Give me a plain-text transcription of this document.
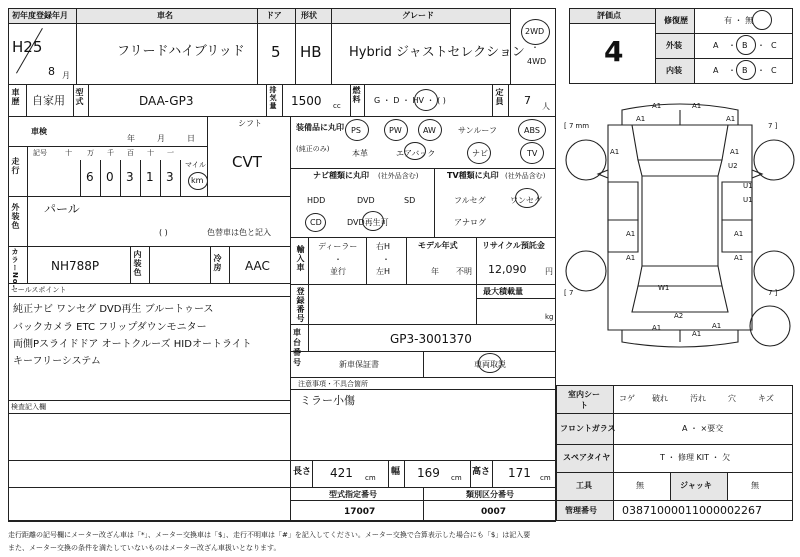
初年度登録年月	車名	ドア 形状	グレード
H25
8 月
フリードハイブリッド 5 HB Hybrid ジャストセレクション
2WD
・
4WD
車歴 自家用 型式	DAA-GP3	排気量 1500 cc
燃料 G ・ D ・ HV ・ ( )	定員 7 人
車検
年	月	日
走行
記号	十 万 千 百 十 一
6 0 3 1 3
マイル
km
シフト
CVT
外装色 パール
( )	色替車は色と記入
カラーNo.	NH788P	内装色	冷房 AAC
セールスポイント
純正ナビ ワンセグ DVD再生 ブルートゥース
バックカメラ ETC フリップダウンモニター
両側Pスライドドア オートクルーズ HIDオートライト
キーフリーシステム
検査記入欄
装備品に丸印
(純正のみ)
PS	PW	AW	サンルーフ	ABS
本革	エアバック	ナビ	TV
ナビ種類に丸印 (社外品含む)
HDD	DVD	SD
CD	DVD再生可
TV種類に丸印 (社外品含む)
フルセグ	ワンセグ
アナログ
輸入車 ディーラー
・
並行
右H
・
左H
モデル年式
年 不明
リサイクル預託金
12,090 円
登録番号	最大積載量
kg
車台番号
GP3-3001370
新車保証書	車両取説
注意事項・不具合箇所
ミラー小傷
長さ 421 cm
幅 169 cm
高さ 171 cm
型式指定番号
17007
類別区分番号
0007
評価点
4
修復歴	有 ・ 無
外装	A ・ B ・ C
内装	A ・ B ・ C
[ 7 mm	7 ]
[ 7	7 ]
A1	A1
A1	A1
A1	A1
U2
U1
U1
A1
A1
A1
A1
W1
A2
A1
A1
A1
室内シート
コゲ 破れ	汚れ	穴	キズ
フロントガラス	A ・ ×要交
スペアタイヤ	T ・ 修理 KIT ・ 欠
工具	無	ジャッキ	無
管理番号 03871000011000002267
走行距離の記号欄にメーター改ざん車は「*」、メーター交換車は「$」、走行不明車は「#」を記入してください。メーター交換で合算表示した場合にも「$」は記入要
また、メーター交換の条件を満たしていないものはメーター改ざん車扱いとなります。
